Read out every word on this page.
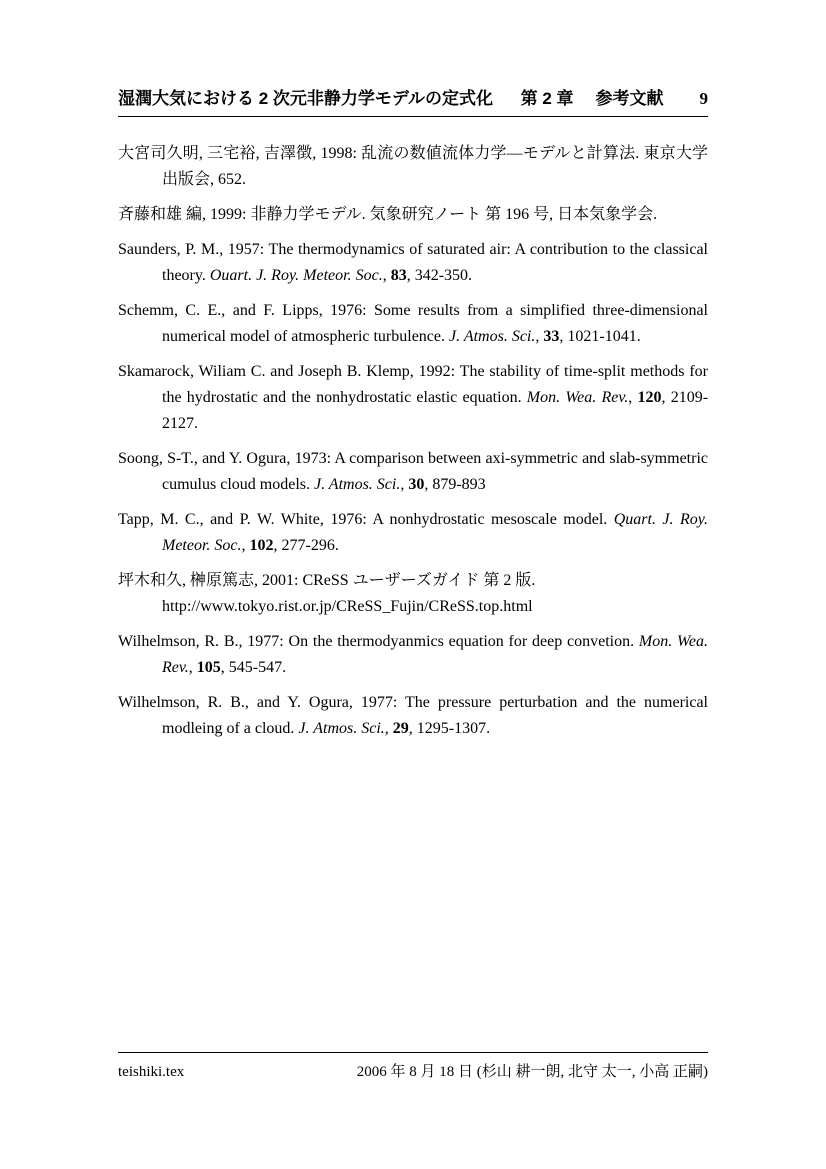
湿潤大気における 2 次元非静力学モデルの定式化 第 2 章 参考文献 9

大宮司久明, 三宅裕, 吉澤徴, 1998: 乱流の数値流体力学—モデルと計算法. 東京大学出版会, 652.

斉藤和雄 編, 1999: 非静力学モデル. 気象研究ノート 第 196 号, 日本気象学会.

Saunders, P. M., 1957: The thermodynamics of saturated air: A contribution to the classical theory. Ouart. J. Roy. Meteor. Soc., 83, 342-350.

Schemm, C. E., and F. Lipps, 1976: Some results from a simplified three-dimensional numerical model of atmospheric turbulence. J. Atmos. Sci., 33, 1021-1041.

Skamarock, Wiliam C. and Joseph B. Klemp, 1992: The stability of time-split methods for the hydrostatic and the nonhydrostatic elastic equation. Mon. Wea. Rev., 120, 2109-2127.

Soong, S-T., and Y. Ogura, 1973: A comparison between axi-symmetric and slab-symmetric cumulus cloud models. J. Atmos. Sci., 30, 879-893

Tapp, M. C., and P. W. White, 1976: A nonhydrostatic mesoscale model. Quart. J. Roy. Meteor. Soc., 102, 277-296.

坪木和久, 榊原篤志, 2001: CReSS ユーザーズガイド 第 2 版.
http://www.tokyo.rist.or.jp/CReSS_Fujin/CReSS.top.html

Wilhelmson, R. B., 1977: On the thermodyanmics equation for deep convetion. Mon. Wea. Rev., 105, 545-547.

Wilhelmson, R. B., and Y. Ogura, 1977: The pressure perturbation and the numerical modleing of a cloud. J. Atmos. Sci., 29, 1295-1307.

teishiki.tex	2006 年 8 月 18 日 (杉山 耕一朗, 北守 太一, 小高 正嗣)
